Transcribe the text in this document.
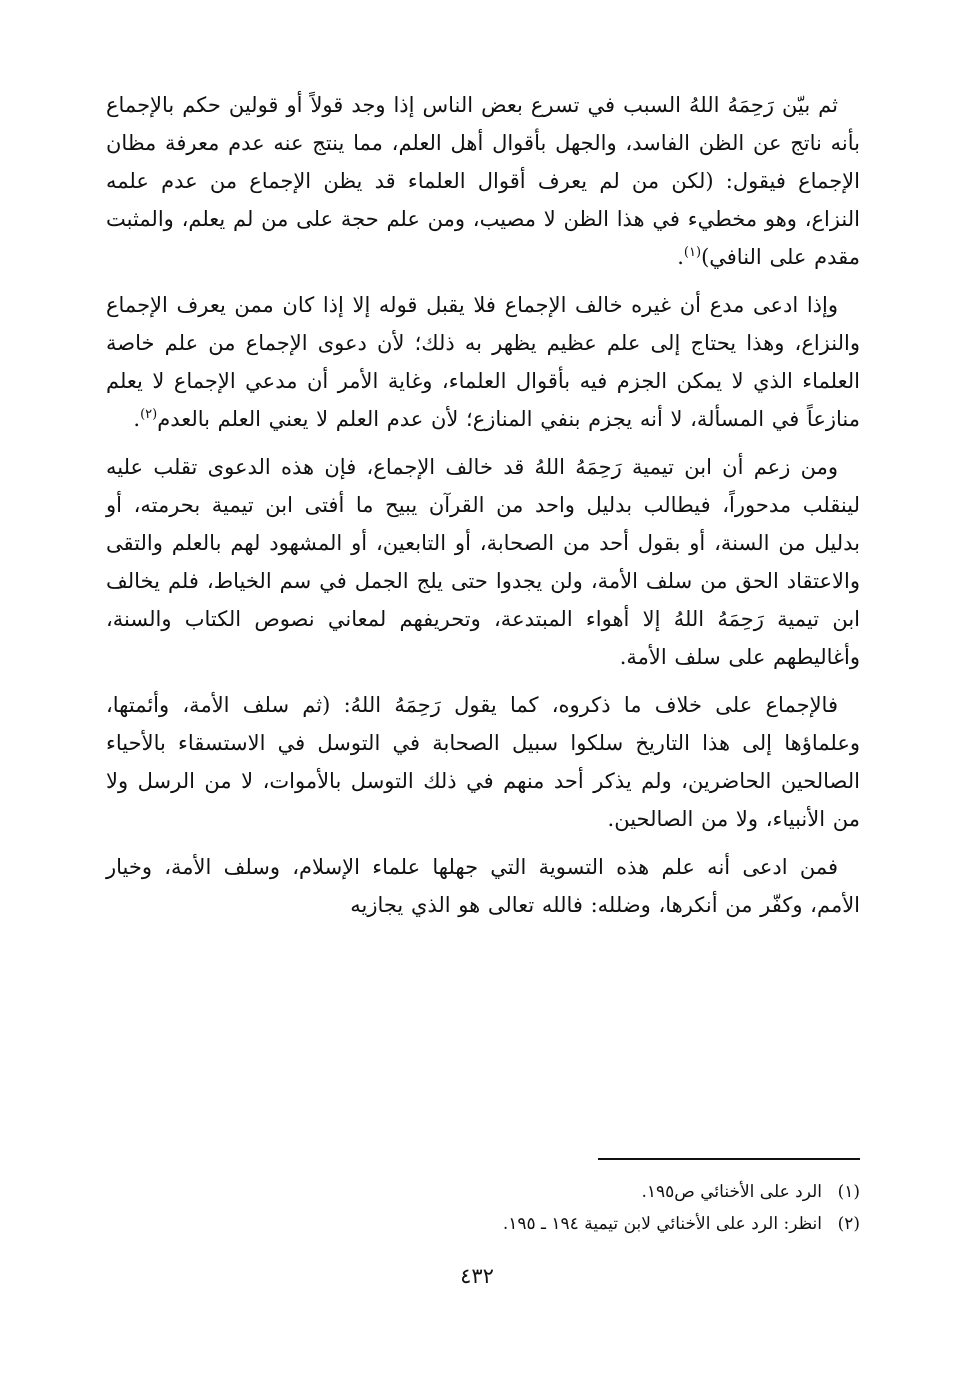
ثم بيّن رَحِمَهُ اللهُ السبب في تسرع بعض الناس إذا وجد قولاً أو قولين حكم بالإجماع بأنه ناتج عن الظن الفاسد، والجهل بأقوال أهل العلم، مما ينتج عنه عدم معرفة مظان الإجماع فيقول: (لكن من لم يعرف أقوال العلماء قد يظن الإجماع من عدم علمه النزاع، وهو مخطيء في هذا الظن لا مصيب، ومن علم حجة على من لم يعلم، والمثبت مقدم على النافي)$^{(١)}$.

وإذا ادعى مدع أن غيره خالف الإجماع فلا يقبل قوله إلا إذا كان ممن يعرف الإجماع والنزاع، وهذا يحتاج إلى علم عظيم يظهر به ذلك؛ لأن دعوى الإجماع من علم خاصة العلماء الذي لا يمكن الجزم فيه بأقوال العلماء، وغاية الأمر أن مدعي الإجماع لا يعلم منازعاً في المسألة، لا أنه يجزم بنفي المنازع؛ لأن عدم العلم لا يعني العلم بالعدم$^{(٢)}$.

ومن زعم أن ابن تيمية رَحِمَهُ اللهُ قد خالف الإجماع، فإن هذه الدعوى تقلب عليه لينقلب مدحوراً، فيطالب بدليل واحد من القرآن يبيح ما أفتى ابن تيمية بحرمته، أو بدليل من السنة، أو بقول أحد من الصحابة، أو التابعين، أو المشهود لهم بالعلم والتقى والاعتقاد الحق من سلف الأمة، ولن يجدوا حتى يلج الجمل في سم الخياط، فلم يخالف ابن تيمية رَحِمَهُ اللهُ إلا أهواء المبتدعة، وتحريفهم لمعاني نصوص الكتاب والسنة، وأغاليطهم على سلف الأمة.

فالإجماع على خلاف ما ذكروه، كما يقول رَحِمَهُ اللهُ: (ثم سلف الأمة، وأئمتها، وعلماؤها إلى هذا التاريخ سلكوا سبيل الصحابة في التوسل في الاستسقاء بالأحياء الصالحين الحاضرين، ولم يذكر أحد منهم في ذلك التوسل بالأموات، لا من الرسل ولا من الأنبياء، ولا من الصالحين.

فمن ادعى أنه علم هذه التسوية التي جهلها علماء الإسلام، وسلف الأمة، وخيار الأمم، وكفّر من أنكرها، وضلله: فالله تعالى هو الذي يجازيه

(١)الرد على الأخنائي ص١٩٥.

(٢)انظر: الرد على الأخنائي لابن تيمية ١٩٤ ـ ١٩٥.

٤٣٢
